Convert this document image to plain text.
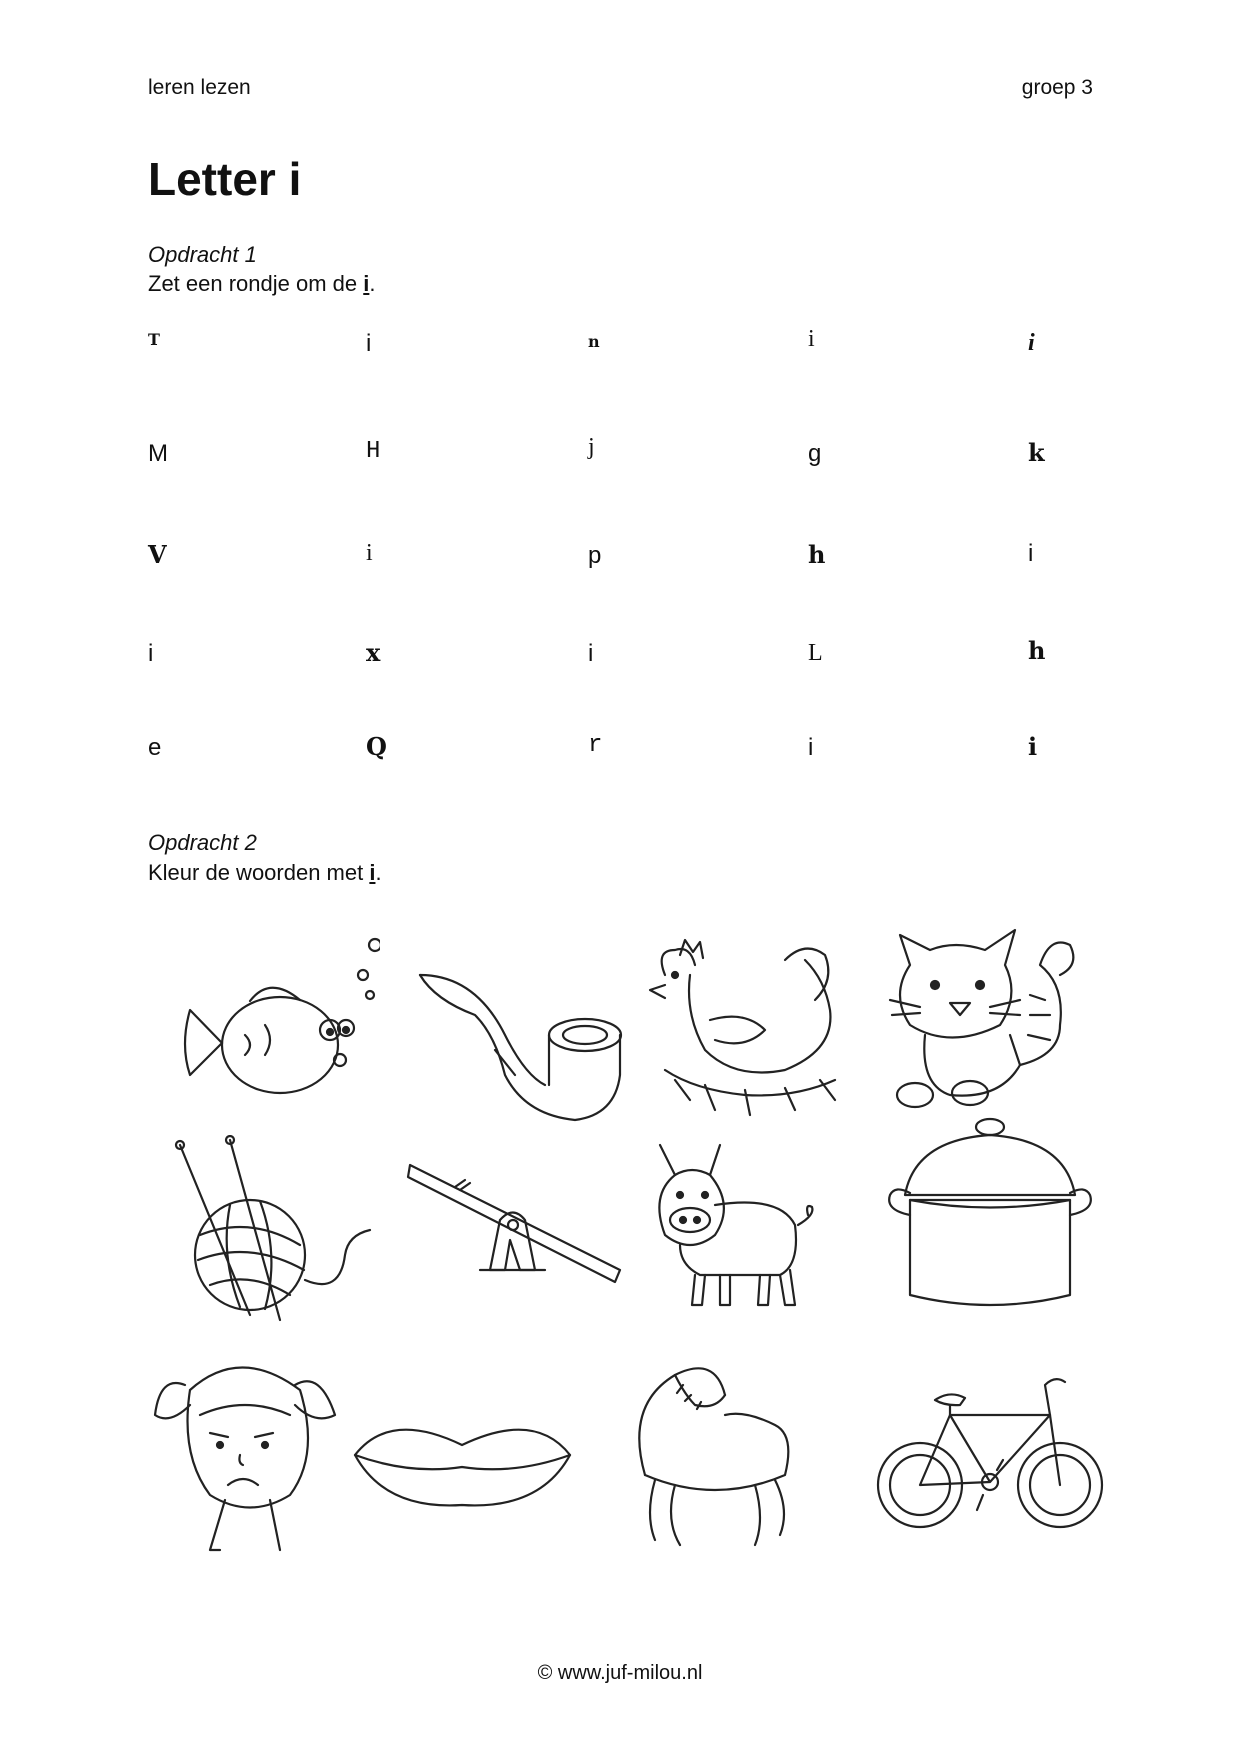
leren lezen	groep 3
Letter i
Opdracht 1
Zet een rondje om de i.
T	i	n	i	i
M	H	j	g	k
V	i	p	h	i
i	x	i	L	h
e	Q	r	i	i
Opdracht 2
Kleur de woorden met i.
© www.juf-milou.nl
